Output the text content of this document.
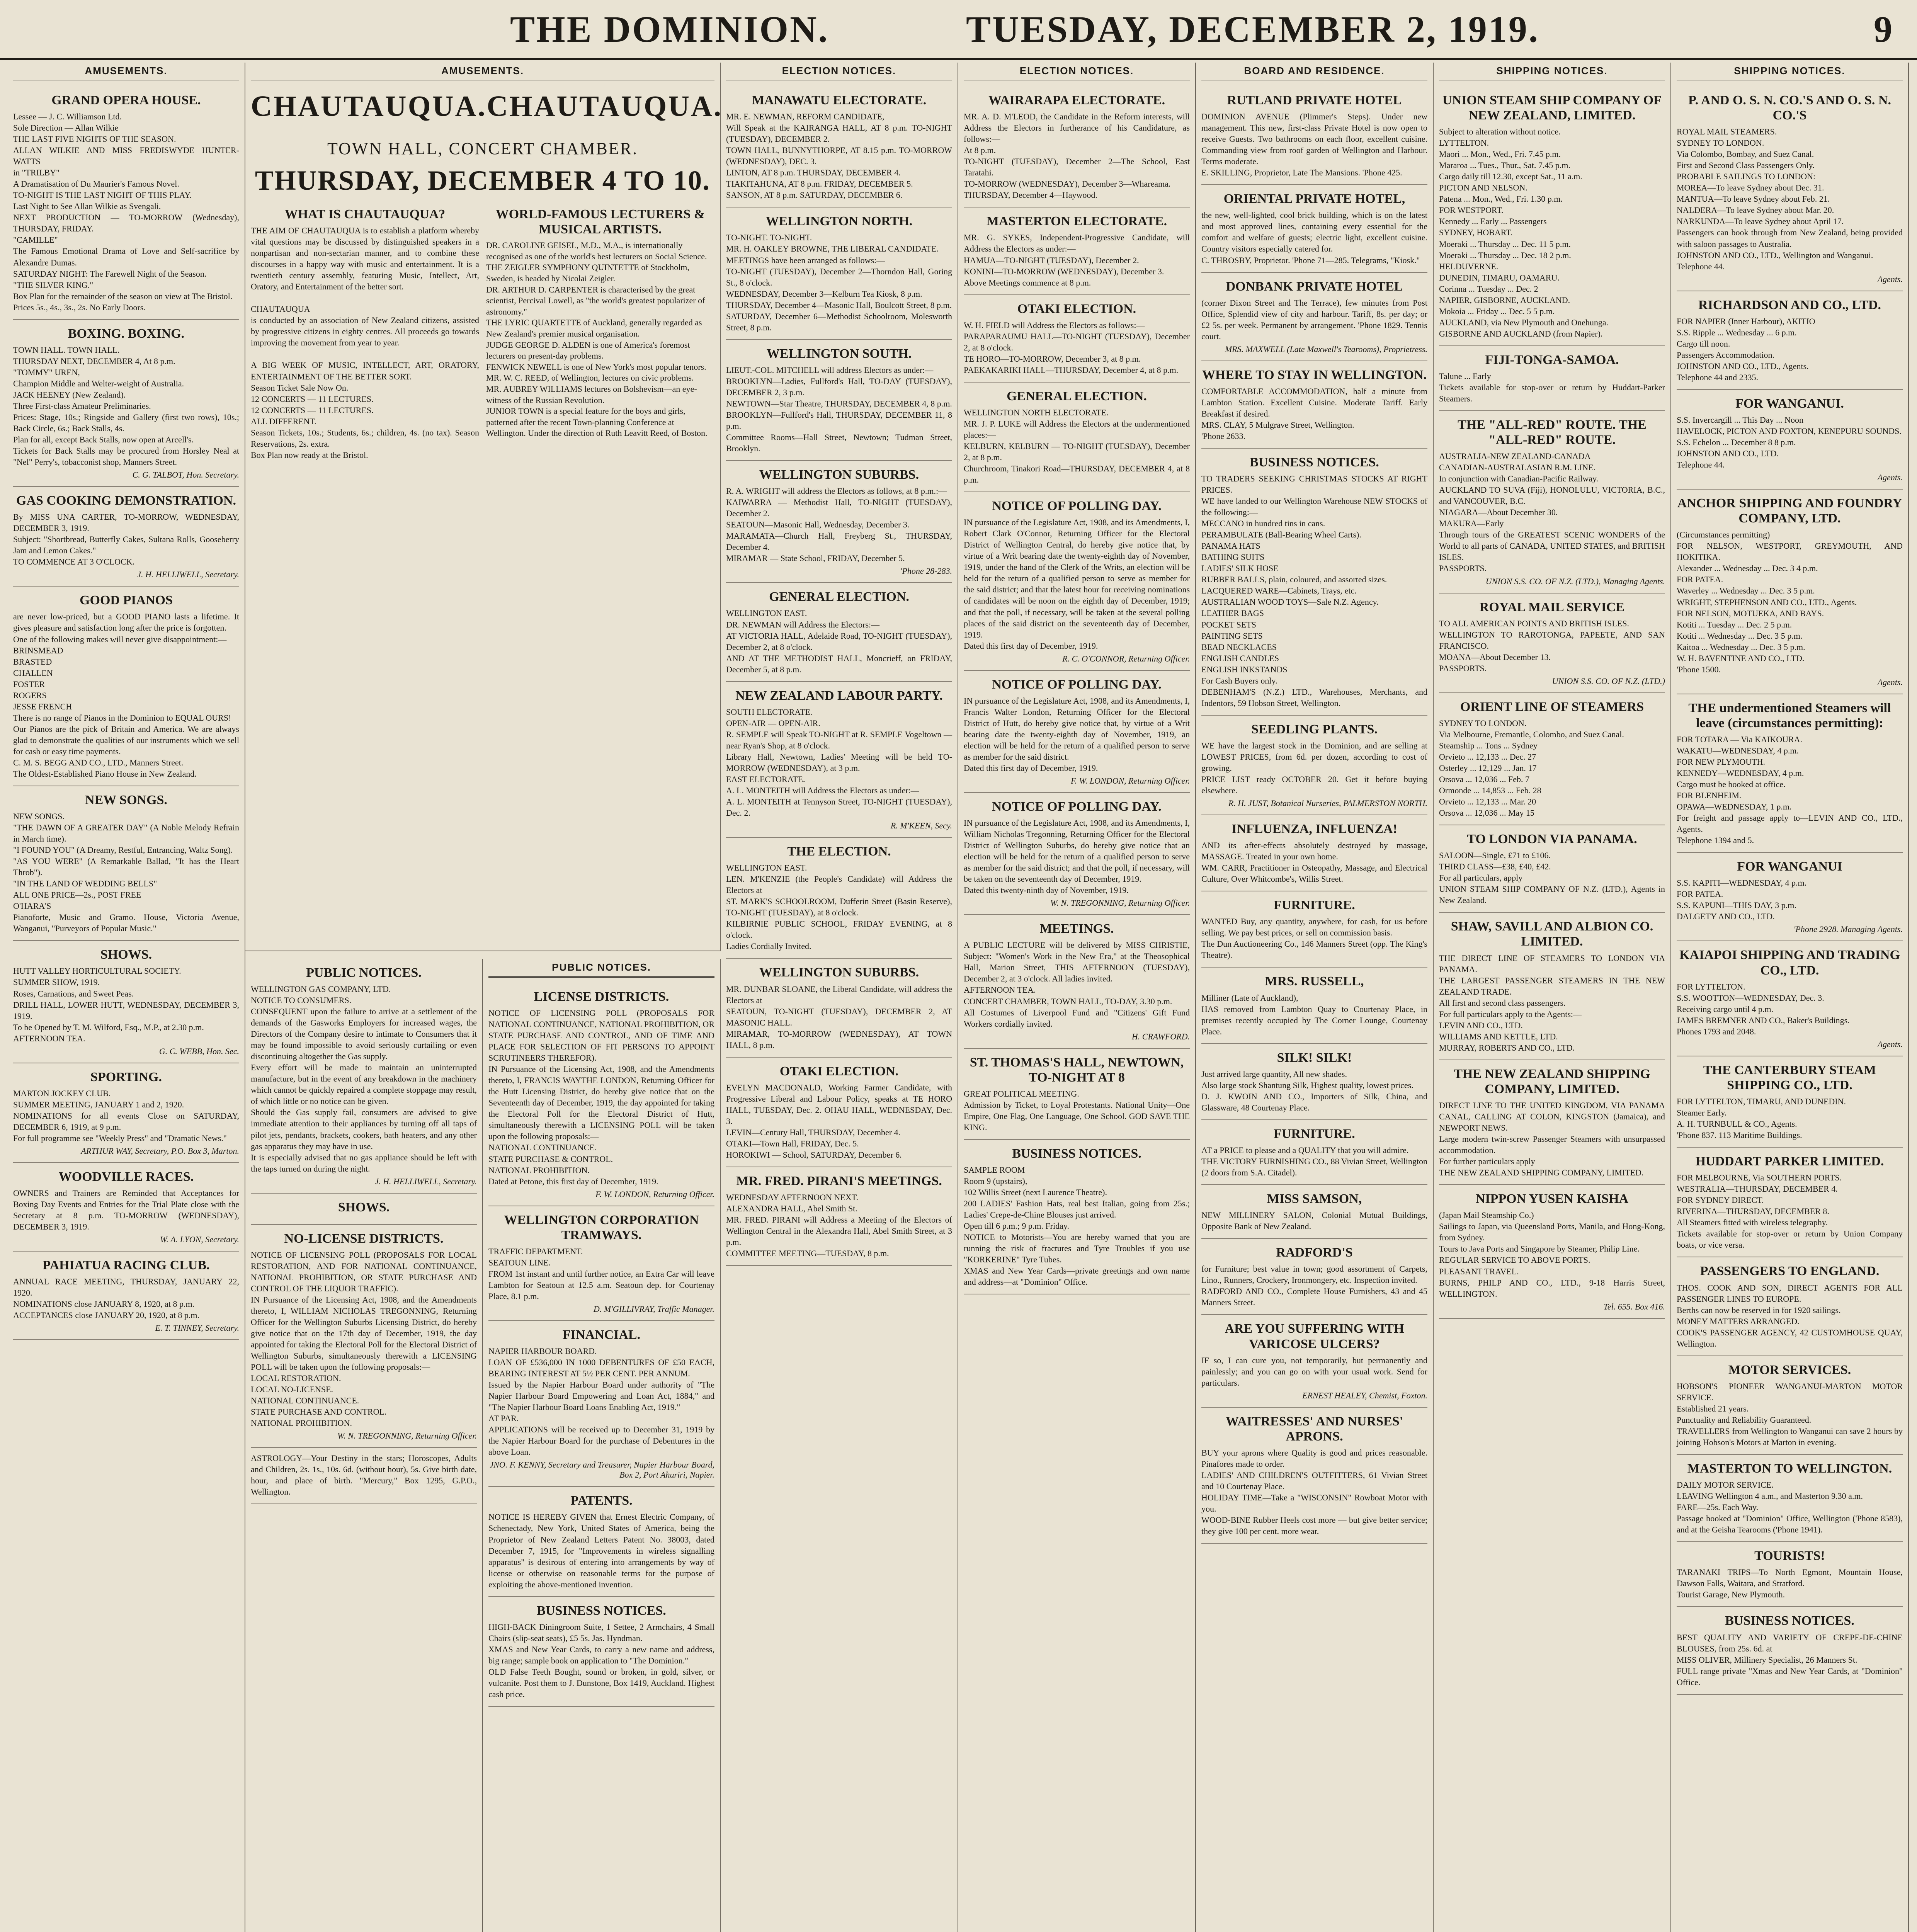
THE DOMINION.	TUESDAY, DECEMBER 2, 1919.	9
AMUSEMENTS.
GRAND OPERA HOUSE.
Lessee — J. C. Williamson Ltd.
Sole Direction — Allan Wilkie
THE LAST FIVE NIGHTS OF THE SEASON.
ALLAN WILKIE AND MISS FREDISWYDE HUNTER-WATTS
in "TRILBY"
A Dramatisation of Du Maurier's Famous Novel.
TO-NIGHT IS THE LAST NIGHT OF THIS PLAY.
Last Night to See Allan Wilkie as Svengali.
NEXT PRODUCTION — TO-MORROW (Wednesday), THURSDAY, FRIDAY.
"CAMILLE"
The Famous Emotional Drama of Love and Self-sacrifice by Alexandre Dumas.
SATURDAY NIGHT: The Farewell Night of the Season.
"THE SILVER KING."
Box Plan for the remainder of the season on view at The Bristol.
Prices 5s., 4s., 3s., 2s. No Early Doors.
BOXING. BOXING.
TOWN HALL. TOWN HALL.
THURSDAY NEXT, DECEMBER 4, At 8 p.m.
"TOMMY" UREN,
Champion Middle and Welter-weight of Australia.
JACK HEENEY (New Zealand).
Three First-class Amateur Preliminaries.
Prices: Stage, 10s.; Ringside and Gallery (first two rows), 10s.; Back Circle, 6s.; Back Stalls, 4s.
Plan for all, except Back Stalls, now open at Arcell's.
Tickets for Back Stalls may be procured from Horsley Neal at "Nel" Perry's, tobacconist shop, Manners Street.
C. G. TALBOT, Hon. Secretary.
GAS COOKING DEMONSTRATION.
By MISS UNA CARTER, TO-MORROW, WEDNESDAY, DECEMBER 3, 1919.
Subject: "Shortbread, Butterfly Cakes, Sultana Rolls, Gooseberry Jam and Lemon Cakes."
TO COMMENCE AT 3 O'CLOCK.
J. H. HELLIWELL, Secretary.
GOOD PIANOS
are never low-priced, but a GOOD PIANO lasts a lifetime. It gives pleasure and satisfaction long after the price is forgotten.
One of the following makes will never give disappointment:—
BRINSMEAD
BRASTED
CHALLEN
FOSTER
ROGERS
JESSE FRENCH
There is no range of Pianos in the Dominion to EQUAL OURS!
Our Pianos are the pick of Britain and America. We are always glad to demonstrate the qualities of our instruments which we sell for cash or easy time payments.
C. M. S. BEGG AND CO., LTD., Manners Street.
The Oldest-Established Piano House in New Zealand.
NEW SONGS.
NEW SONGS.
"THE DAWN OF A GREATER DAY" (A Noble Melody Refrain in March time).
"I FOUND YOU" (A Dreamy, Restful, Entrancing, Waltz Song).
"AS YOU WERE" (A Remarkable Ballad, "It has the Heart Throb").
"IN THE LAND OF WEDDING BELLS"
ALL ONE PRICE—2s., POST FREE
O'HARA'S
Pianoforte, Music and Gramo. House, Victoria Avenue, Wanganui, "Purveyors of Popular Music."
SHOWS.
HUTT VALLEY HORTICULTURAL SOCIETY.
SUMMER SHOW, 1919.
Roses, Carnations, and Sweet Peas.
DRILL HALL, LOWER HUTT, WEDNESDAY, DECEMBER 3, 1919.
To be Opened by T. M. Wilford, Esq., M.P., at 2.30 p.m.
AFTERNOON TEA.
G. C. WEBB, Hon. Sec.
SPORTING.
MARTON JOCKEY CLUB.
SUMMER MEETING, JANUARY 1 and 2, 1920.
NOMINATIONS for all events Close on SATURDAY, DECEMBER 6, 1919, at 9 p.m.
For full programme see "Weekly Press" and "Dramatic News."
ARTHUR WAY, Secretary, P.O. Box 3, Marton.
WOODVILLE RACES.
OWNERS and Trainers are Reminded that Acceptances for Boxing Day Events and Entries for the Trial Plate close with the Secretary at 8 p.m. TO-MORROW (WEDNESDAY), DECEMBER 3, 1919.
W. A. LYON, Secretary.
PAHIATUA RACING CLUB.
ANNUAL RACE MEETING, THURSDAY, JANUARY 22, 1920.
NOMINATIONS close JANUARY 8, 1920, at 8 p.m.
ACCEPTANCES close JANUARY 20, 1920, at 8 p.m.
E. T. TINNEY, Secretary.
AMUSEMENTS.
CHAUTAUQUA. CHAUTAUQUA.
TOWN HALL, CONCERT CHAMBER.
THURSDAY, DECEMBER 4 TO 10.
WHAT IS CHAUTAUQUA?
THE AIM OF CHAUTAUQUA is to establish a platform whereby vital questions may be discussed by distinguished speakers in a nonpartisan and non-sectarian manner, and to combine these discourses in a happy way with music and entertainment. It is a twentieth century assembly, featuring Music, Intellect, Art, Oratory, and Entertainment of the better sort.

CHAUTAUQUA
is conducted by an association of New Zealand citizens, assisted by progressive citizens in eighty centres. All proceeds go towards improving the movement from year to year.

A BIG WEEK OF MUSIC, INTELLECT, ART, ORATORY, ENTERTAINMENT OF THE BETTER SORT.
Season Ticket Sale Now On.
12 CONCERTS — 11 LECTURES.
12 CONCERTS — 11 LECTURES.
ALL DIFFERENT.
Season Tickets, 10s.; Students, 6s.; children, 4s. (no tax). Season Reservations, 2s. extra.
Box Plan now ready at the Bristol.
WORLD-FAMOUS LECTURERS & MUSICAL ARTISTS.
DR. CAROLINE GEISEL, M.D., M.A., is internationally recognised as one of the world's best lecturers on Social Science.
THE ZEIGLER SYMPHONY QUINTETTE of Stockholm, Sweden, is headed by Nicolai Zeigler.
DR. ARTHUR D. CARPENTER is characterised by the great scientist, Percival Lowell, as "the world's greatest popularizer of astronomy."
THE LYRIC QUARTETTE of Auckland, generally regarded as New Zealand's premier musical organisation.
JUDGE GEORGE D. ALDEN is one of America's foremost lecturers on present-day problems.
FENWICK NEWELL is one of New York's most popular tenors.
MR. W. C. REED, of Wellington, lectures on civic problems.
MR. AUBREY WILLIAMS lectures on Bolshevism—an eye-witness of the Russian Revolution.
JUNIOR TOWN is a special feature for the boys and girls, patterned after the recent Town-planning Conference at Wellington. Under the direction of Ruth Leavitt Reed, of Boston.
PUBLIC NOTICES.
WELLINGTON GAS COMPANY, LTD.
NOTICE TO CONSUMERS.
CONSEQUENT upon the failure to arrive at a settlement of the demands of the Gasworks Employers for increased wages, the Directors of the Company desire to intimate to Consumers that it may be found impossible to avoid seriously curtailing or even discontinuing altogether the Gas supply.
Every effort will be made to maintain an uninterrupted manufacture, but in the event of any breakdown in the machinery which cannot be quickly repaired a complete stoppage may result, of which little or no notice can be given.
Should the Gas supply fail, consumers are advised to give immediate attention to their appliances by turning off all taps of pilot jets, pendants, brackets, cookers, bath heaters, and any other gas apparatus they may have in use.
It is especially advised that no gas appliance should be left with the taps turned on during the night.
J. H. HELLIWELL, Secretary.
SHOWS.
NO-LICENSE DISTRICTS.
NOTICE OF LICENSING POLL (PROPOSALS FOR LOCAL RESTORATION, AND FOR NATIONAL CONTINUANCE, NATIONAL PROHIBITION, OR STATE PURCHASE AND CONTROL OF THE LIQUOR TRAFFIC).
IN Pursuance of the Licensing Act, 1908, and the Amendments thereto, I, WILLIAM NICHOLAS TREGONNING, Returning Officer for the Wellington Suburbs Licensing District, do hereby give notice that on the 17th day of December, 1919, the day appointed for taking the Electoral Poll for the Electoral District of Wellington Suburbs, simultaneously therewith a LICENSING POLL will be taken upon the following proposals:—
LOCAL RESTORATION.
LOCAL NO-LICENSE.
NATIONAL CONTINUANCE.
STATE PURCHASE AND CONTROL.
NATIONAL PROHIBITION.
W. N. TREGONNING, Returning Officer.
ASTROLOGY—Your Destiny in the stars; Horoscopes, Adults and Children, 2s. 1s., 10s. 6d. (without hour), 5s. Give birth date, hour, and place of birth. "Mercury," Box 1295, G.P.O., Wellington.
PUBLIC NOTICES.
LICENSE DISTRICTS.
NOTICE OF LICENSING POLL (PROPOSALS FOR NATIONAL CONTINUANCE, NATIONAL PROHIBITION, OR STATE PURCHASE AND CONTROL, AND OF TIME AND PLACE FOR SELECTION OF FIT PERSONS TO APPOINT SCRUTINEERS THEREFOR).
IN Pursuance of the Licensing Act, 1908, and the Amendments thereto, I, FRANCIS WAYTHE LONDON, Returning Officer for the Hutt Licensing District, do hereby give notice that on the Seventeenth day of December, 1919, the day appointed for taking the Electoral Poll for the Electoral District of Hutt, simultaneously therewith a LICENSING POLL will be taken upon the following proposals:—
NATIONAL CONTINUANCE.
STATE PURCHASE & CONTROL.
NATIONAL PROHIBITION.
Dated at Petone, this first day of December, 1919.
F. W. LONDON, Returning Officer.
WELLINGTON CORPORATION TRAMWAYS.
TRAFFIC DEPARTMENT.
SEATOUN LINE.
FROM 1st instant and until further notice, an Extra Car will leave Lambton for Seatoun at 12.5 a.m. Seatoun dep. for Courtenay Place, 8.1 p.m.
D. M'GILLIVRAY, Traffic Manager.
FINANCIAL.
NAPIER HARBOUR BOARD.
LOAN OF £536,000 IN 1000 DEBENTURES OF £50 EACH, BEARING INTEREST AT 5½ PER CENT. PER ANNUM.
Issued by the Napier Harbour Board under authority of "The Napier Harbour Board Empowering and Loan Act, 1884," and "The Napier Harbour Board Loans Enabling Act, 1919."
AT PAR.
APPLICATIONS will be received up to December 31, 1919 by the Napier Harbour Board for the purchase of Debentures in the above Loan.
JNO. F. KENNY, Secretary and Treasurer, Napier Harbour Board, Box 2, Port Ahuriri, Napier.
PATENTS.
NOTICE IS HEREBY GIVEN that Ernest Electric Company, of Schenectady, New York, United States of America, being the Proprietor of New Zealand Letters Patent No. 38003, dated December 7, 1915, for "Improvements in wireless signalling apparatus" is desirous of entering into arrangements by way of license or otherwise on reasonable terms for the purpose of exploiting the above-mentioned invention.
BUSINESS NOTICES.
HIGH-BACK Diningroom Suite, 1 Settee, 2 Armchairs, 4 Small Chairs (slip-seat seats), £5 5s. Jas. Hyndman.
XMAS and New Year Cards, to carry a new name and address, big range; sample book on application to "The Dominion."
OLD False Teeth Bought, sound or broken, in gold, silver, or vulcanite. Post them to J. Dunstone, Box 1419, Auckland. Highest cash price.
ELECTION NOTICES.
MANAWATU ELECTORATE.
MR. E. NEWMAN, REFORM CANDIDATE,
Will Speak at the KAIRANGA HALL, AT 8 p.m. TO-NIGHT (TUESDAY), DECEMBER 2.
TOWN HALL, BUNNYTHORPE, AT 8.15 p.m. TO-MORROW (WEDNESDAY), DEC. 3.
LINTON, AT 8 p.m. THURSDAY, DECEMBER 4.
TIAKITAHUNA, AT 8 p.m. FRIDAY, DECEMBER 5.
SANSON, AT 8 p.m. SATURDAY, DECEMBER 6.
WELLINGTON NORTH.
TO-NIGHT. TO-NIGHT.
MR. H. OAKLEY BROWNE, THE LIBERAL CANDIDATE.
MEETINGS have been arranged as follows:—
TO-NIGHT (TUESDAY), December 2—Thorndon Hall, Goring St., 8 o'clock.
WEDNESDAY, December 3—Kelburn Tea Kiosk, 8 p.m.
THURSDAY, December 4—Masonic Hall, Boulcott Street, 8 p.m.
SATURDAY, December 6—Methodist Schoolroom, Molesworth Street, 8 p.m.
WELLINGTON SOUTH.
LIEUT.-COL. MITCHELL will address Electors as under:—
BROOKLYN—Ladies, Fullford's Hall, TO-DAY (TUESDAY), DECEMBER 2, 3 p.m.
NEWTOWN—Star Theatre, THURSDAY, DECEMBER 4, 8 p.m.
BROOKLYN—Fullford's Hall, THURSDAY, DECEMBER 11, 8 p.m.
Committee Rooms—Hall Street, Newtown; Tudman Street, Brooklyn.
WELLINGTON SUBURBS.
R. A. WRIGHT will address the Electors as follows, at 8 p.m.:—
KAIWARRA — Methodist Hall, TO-NIGHT (TUESDAY), December 2.
SEATOUN—Masonic Hall, Wednesday, December 3.
MARAMATA—Church Hall, Freyberg St., THURSDAY, December 4.
MIRAMAR — State School, FRIDAY, December 5.
'Phone 28-283.
GENERAL ELECTION.
WELLINGTON EAST.
DR. NEWMAN will Address the Electors:—
AT VICTORIA HALL, Adelaide Road, TO-NIGHT (TUESDAY), December 2, at 8 o'clock.
AND AT THE METHODIST HALL, Moncrieff, on FRIDAY, December 5, at 8 p.m.
NEW ZEALAND LABOUR PARTY.
SOUTH ELECTORATE.
OPEN-AIR — OPEN-AIR.
R. SEMPLE will Speak TO-NIGHT at R. SEMPLE Vogeltown — near Ryan's Shop, at 8 o'clock.
Library Hall, Newtown, Ladies' Meeting will be held TO-MORROW (WEDNESDAY), at 3 p.m.
EAST ELECTORATE.
A. L. MONTEITH will Address the Electors as under:—
A. L. MONTEITH at Tennyson Street, TO-NIGHT (TUESDAY), Dec. 2.
R. M'KEEN, Secy.
THE ELECTION.
WELLINGTON EAST.
LEN. M'KENZIE (the People's Candidate) will Address the Electors at
ST. MARK'S SCHOOLROOM, Dufferin Street (Basin Reserve), TO-NIGHT (TUESDAY), at 8 o'clock.
KILBIRNIE PUBLIC SCHOOL, FRIDAY EVENING, at 8 o'clock.
Ladies Cordially Invited.
WELLINGTON SUBURBS.
MR. DUNBAR SLOANE, the Liberal Candidate, will address the Electors at
SEATOUN, TO-NIGHT (TUESDAY), DECEMBER 2, AT MASONIC HALL.
MIRAMAR, TO-MORROW (WEDNESDAY), AT TOWN HALL, 8 p.m.
OTAKI ELECTION.
EVELYN MACDONALD, Working Farmer Candidate, with Progressive Liberal and Labour Policy, speaks at TE HORO HALL, TUESDAY, Dec. 2. OHAU HALL, WEDNESDAY, Dec. 3.
LEVIN—Century Hall, THURSDAY, December 4.
OTAKI—Town Hall, FRIDAY, Dec. 5.
HOROKIWI — School, SATURDAY, December 6.
MR. FRED. PIRANI'S MEETINGS.
WEDNESDAY AFTERNOON NEXT.
ALEXANDRA HALL, Abel Smith St.
MR. FRED. PIRANI will Address a Meeting of the Electors of Wellington Central in the Alexandra Hall, Abel Smith Street, at 3 p.m.
COMMITTEE MEETING—TUESDAY, 8 p.m.
ELECTION NOTICES.
WAIRARAPA ELECTORATE.
MR. A. D. M'LEOD, the Candidate in the Reform interests, will Address the Electors in furtherance of his Candidature, as follows:—
At 8 p.m.
TO-NIGHT (TUESDAY), December 2—The School, East Taratahi.
TO-MORROW (WEDNESDAY), December 3—Whareama.
THURSDAY, December 4—Haywood.
MASTERTON ELECTORATE.
MR. G. SYKES, Independent-Progressive Candidate, will Address the Electors as under:—
HAMUA—TO-NIGHT (TUESDAY), December 2.
KONINI—TO-MORROW (WEDNESDAY), December 3.
Above Meetings commence at 8 p.m.
OTAKI ELECTION.
W. H. FIELD will Address the Electors as follows:—
PARAPARAUMU HALL—TO-NIGHT (TUESDAY), December 2, at 8 o'clock.
TE HORO—TO-MORROW, December 3, at 8 p.m.
PAEKAKARIKI HALL—THURSDAY, December 4, at 8 p.m.
GENERAL ELECTION.
WELLINGTON NORTH ELECTORATE.
MR. J. P. LUKE will Address the Electors at the undermentioned places:—
KELBURN, KELBURN — TO-NIGHT (TUESDAY), December 2, at 8 p.m.
Churchroom, Tinakori Road—THURSDAY, DECEMBER 4, at 8 p.m.
NOTICE OF POLLING DAY.
IN pursuance of the Legislature Act, 1908, and its Amendments, I, Robert Clark O'Connor, Returning Officer for the Electoral District of Wellington Central, do hereby give notice that, by virtue of a Writ bearing date the twenty-eighth day of November, 1919, under the hand of the Clerk of the Writs, an election will be held for the return of a qualified person to serve as member for the said district; and that the latest hour for receiving nominations of candidates will be noon on the eighth day of December, 1919; and that the poll, if necessary, will be taken at the several polling places of the said district on the seventeenth day of December, 1919.
Dated this first day of December, 1919.
R. C. O'CONNOR, Returning Officer.
NOTICE OF POLLING DAY.
IN pursuance of the Legislature Act, 1908, and its Amendments, I, Francis Walter London, Returning Officer for the Electoral District of Hutt, do hereby give notice that, by virtue of a Writ bearing date the twenty-eighth day of November, 1919, an election will be held for the return of a qualified person to serve as member for the said district.
Dated this first day of December, 1919.
F. W. LONDON, Returning Officer.
NOTICE OF POLLING DAY.
IN pursuance of the Legislature Act, 1908, and its Amendments, I, William Nicholas Tregonning, Returning Officer for the Electoral District of Wellington Suburbs, do hereby give notice that an election will be held for the return of a qualified person to serve as member for the said district; and that the poll, if necessary, will be taken on the seventeenth day of December, 1919.
Dated this twenty-ninth day of November, 1919.
W. N. TREGONNING, Returning Officer.
MEETINGS.
A PUBLIC LECTURE will be delivered by MISS CHRISTIE, Subject: "Women's Work in the New Era," at the Theosophical Hall, Marion Street, THIS AFTERNOON (TUESDAY), December 2, at 3 o'clock. All ladies invited.
AFTERNOON TEA.
CONCERT CHAMBER, TOWN HALL, TO-DAY, 3.30 p.m.
All Costumes of Liverpool Fund and "Citizens' Gift Fund Workers cordially invited.
H. CRAWFORD.
ST. THOMAS'S HALL, NEWTOWN, TO-NIGHT AT 8
GREAT POLITICAL MEETING.
Admission by Ticket, to Loyal Protestants. National Unity—One Empire, One Flag, One Language, One School. GOD SAVE THE KING.
BUSINESS NOTICES.
SAMPLE ROOM
Room 9 (upstairs),
102 Willis Street (next Laurence Theatre).
200 LADIES' Fashion Hats, real best Italian, going from 25s.; Ladies' Crepe-de-Chine Blouses just arrived.
Open till 6 p.m.; 9 p.m. Friday.
NOTICE to Motorists—You are hereby warned that you are running the risk of fractures and Tyre Troubles if you use "KORKERINE" Tyre Tubes.
XMAS and New Year Cards—private greetings and own name and address—at "Dominion" Office.
BOARD AND RESIDENCE.
RUTLAND PRIVATE HOTEL
DOMINION AVENUE (Plimmer's Steps). Under new management. This new, first-class Private Hotel is now open to receive Guests. Two bathrooms on each floor, excellent cuisine. Commanding view from roof garden of Wellington and Harbour. Terms moderate.
E. SKILLING, Proprietor, Late The Mansions. 'Phone 425.
ORIENTAL PRIVATE HOTEL,
the new, well-lighted, cool brick building, which is on the latest and most approved lines, containing every essential for the comfort and welfare of guests; electric light, excellent cuisine. Country visitors especially catered for.
C. THROSBY, Proprietor. 'Phone 71—285. Telegrams, "Kiosk."
DONBANK PRIVATE HOTEL
(corner Dixon Street and The Terrace), few minutes from Post Office, Splendid view of city and harbour. Tariff, 8s. per day; or £2 5s. per week. Permanent by arrangement. 'Phone 1829. Tennis court.
MRS. MAXWELL (Late Maxwell's Tearooms), Proprietress.
WHERE TO STAY IN WELLINGTON.
COMFORTABLE ACCOMMODATION, half a minute from Lambton Station. Excellent Cuisine. Moderate Tariff. Early Breakfast if desired.
MRS. CLAY, 5 Mulgrave Street, Wellington.
'Phone 2633.
BUSINESS NOTICES.
TO TRADERS SEEKING CHRISTMAS STOCKS AT RIGHT PRICES.
WE have landed to our Wellington Warehouse NEW STOCKS of the following:—
MECCANO in hundred tins in cans.
PERAMBULATE (Ball-Bearing Wheel Carts).
PANAMA HATS
BATHING SUITS
LADIES' SILK HOSE
RUBBER BALLS, plain, coloured, and assorted sizes.
LACQUERED WARE—Cabinets, Trays, etc.
AUSTRALIAN WOOD TOYS—Sale N.Z. Agency.
LEATHER BAGS
POCKET SETS
PAINTING SETS
BEAD NECKLACES
ENGLISH CANDLES
ENGLISH INKSTANDS
For Cash Buyers only.
DEBENHAM'S (N.Z.) LTD., Warehouses, Merchants, and Indentors, 59 Hobson Street, Wellington.
SEEDLING PLANTS.
WE have the largest stock in the Dominion, and are selling at LOWEST PRICES, from 6d. per dozen, according to cost of growing.
PRICE LIST ready OCTOBER 20. Get it before buying elsewhere.
R. H. JUST, Botanical Nurseries, PALMERSTON NORTH.
INFLUENZA, INFLUENZA!
AND its after-effects absolutely destroyed by massage, MASSAGE. Treated in your own home.
WM. CARR, Practitioner in Osteopathy, Massage, and Electrical Culture, Over Whitcombe's, Willis Street.
FURNITURE.
WANTED Buy, any quantity, anywhere, for cash, for us before selling. We pay best prices, or sell on commission basis.
The Dun Auctioneering Co., 146 Manners Street (opp. The King's Theatre).
MRS. RUSSELL,
Milliner (Late of Auckland),
HAS removed from Lambton Quay to Courtenay Place, in premises recently occupied by The Corner Lounge, Courtenay Place.
SILK! SILK!
Just arrived large quantity, All new shades.
Also large stock Shantung Silk, Highest quality, lowest prices.
D. J. KWOIN AND CO., Importers of Silk, China, and Glassware, 48 Courtenay Place.
FURNITURE.
AT a PRICE to please and a QUALITY that you will admire.
THE VICTORY FURNISHING CO., 88 Vivian Street, Wellington (2 doors from S.A. Citadel).
MISS SAMSON,
NEW MILLINERY SALON, Colonial Mutual Buildings, Opposite Bank of New Zealand.
RADFORD'S
for Furniture; best value in town; good assortment of Carpets, Lino., Runners, Crockery, Ironmongery, etc. Inspection invited.
RADFORD AND CO., Complete House Furnishers, 43 and 45 Manners Street.
ARE YOU SUFFERING WITH VARICOSE ULCERS?
IF so, I can cure you, not temporarily, but permanently and painlessly; and you can go on with your usual work. Send for particulars.
ERNEST HEALEY, Chemist, Foxton.
WAITRESSES' AND NURSES' APRONS.
BUY your aprons where Quality is good and prices reasonable. Pinafores made to order.
LADIES' AND CHILDREN'S OUTFITTERS, 61 Vivian Street and 10 Courtenay Place.
HOLIDAY TIME—Take a "WISCONSIN" Rowboat Motor with you.
WOOD-BINE Rubber Heels cost more — but give better service; they give 100 per cent. more wear.
SHIPPING NOTICES.
UNION STEAM SHIP COMPANY OF NEW ZEALAND, LIMITED.
Subject to alteration without notice.
LYTTELTON.
Maori ... Mon., Wed., Fri. 7.45 p.m.
Mararoa ... Tues., Thur., Sat. 7.45 p.m.
Cargo daily till 12.30, except Sat., 11 a.m.
PICTON AND NELSON.
Patena ... Mon., Wed., Fri. 1.30 p.m.
FOR WESTPORT.
Kennedy ... Early ... Passengers
SYDNEY, HOBART.
Moeraki ... Thursday ... Dec. 11 5 p.m.
Moeraki ... Thursday ... Dec. 18 2 p.m.
HELDUVERNE.
DUNEDIN, TIMARU, OAMARU.
Corinna ... Tuesday ... Dec. 2
NAPIER, GISBORNE, AUCKLAND.
Mokoia ... Friday ... Dec. 5 5 p.m.
AUCKLAND, via New Plymouth and Onehunga.
GISBORNE AND AUCKLAND (from Napier).
FIJI-TONGA-SAMOA.
Talune ... Early
Tickets available for stop-over or return by Huddart-Parker Steamers.
THE "ALL-RED" ROUTE. THE "ALL-RED" ROUTE.
AUSTRALIA-NEW ZEALAND-CANADA
CANADIAN-AUSTRALASIAN R.M. LINE.
In conjunction with Canadian-Pacific Railway.
AUCKLAND TO SUVA (Fiji), HONOLULU, VICTORIA, B.C., and VANCOUVER, B.C.
NIAGARA—About December 30.
MAKURA—Early
Through tours of the GREATEST SCENIC WONDERS of the World to all parts of CANADA, UNITED STATES, and BRITISH ISLES.
PASSPORTS.
UNION S.S. CO. OF N.Z. (LTD.), Managing Agents.
ROYAL MAIL SERVICE
TO ALL AMERICAN POINTS AND BRITISH ISLES.
WELLINGTON TO RAROTONGA, PAPEETE, AND SAN FRANCISCO.
MOANA—About December 13.
PASSPORTS.
UNION S.S. CO. OF N.Z. (LTD.)
ORIENT LINE OF STEAMERS
SYDNEY TO LONDON.
Via Melbourne, Fremantle, Colombo, and Suez Canal.
Steamship ... Tons ... Sydney
Orvieto ... 12,133 ... Dec. 27
Osterley ... 12,129 ... Jan. 17
Orsova ... 12,036 ... Feb. 7
Ormonde ... 14,853 ... Feb. 28
Orvieto ... 12,133 ... Mar. 20
Orsova ... 12,036 ... May 15
TO LONDON VIA PANAMA.
SALOON—Single, £71 to £106.
THIRD CLASS—£38, £40, £42.
For all particulars, apply
UNION STEAM SHIP COMPANY OF N.Z. (LTD.), Agents in New Zealand.
SHAW, SAVILL AND ALBION CO. LIMITED.
THE DIRECT LINE OF STEAMERS TO LONDON VIA PANAMA.
THE LARGEST PASSENGER STEAMERS IN THE NEW ZEALAND TRADE.
All first and second class passengers.
For full particulars apply to the Agents:—
LEVIN AND CO., LTD.
WILLIAMS AND KETTLE, LTD.
MURRAY, ROBERTS AND CO., LTD.
THE NEW ZEALAND SHIPPING COMPANY, LIMITED.
DIRECT LINE TO THE UNITED KINGDOM, VIA PANAMA CANAL, CALLING AT COLON, KINGSTON (Jamaica), and NEWPORT NEWS.
Large modern twin-screw Passenger Steamers with unsurpassed accommodation.
For further particulars apply
THE NEW ZEALAND SHIPPING COMPANY, LIMITED.
NIPPON YUSEN KAISHA
(Japan Mail Steamship Co.)
Sailings to Japan, via Queensland Ports, Manila, and Hong-Kong, from Sydney.
Tours to Java Ports and Singapore by Steamer, Philip Line.
REGULAR SERVICE TO ABOVE PORTS.
PLEASANT TRAVEL.
BURNS, PHILP AND CO., LTD., 9-18 Harris Street, WELLINGTON.
Tel. 655. Box 416.
SHIPPING NOTICES.
P. AND O. S. N. CO.'S AND O. S. N. CO.'S
ROYAL MAIL STEAMERS.
SYDNEY TO LONDON.
Via Colombo, Bombay, and Suez Canal.
First and Second Class Passengers Only.
PROBABLE SAILINGS TO LONDON:
MOREA—To leave Sydney about Dec. 31.
MANTUA—To leave Sydney about Feb. 21.
NALDERA—To leave Sydney about Mar. 20.
NARKUNDA—To leave Sydney about April 17.
Passengers can book through from New Zealand, being provided with saloon passages to Australia.
JOHNSTON AND CO., LTD., Wellington and Wanganui.
Telephone 44.
Agents.
RICHARDSON AND CO., LTD.
FOR NAPIER (Inner Harbour), AKITIO
S.S. Ripple ... Wednesday ... 6 p.m.
Cargo till noon.
Passengers Accommodation.
JOHNSTON AND CO., LTD., Agents.
Telephone 44 and 2335.
FOR WANGANUI.
S.S. Invercargill ... This Day ... Noon
HAVELOCK, PICTON AND FOXTON, KENEPURU SOUNDS.
S.S. Echelon ... December 8 8 p.m.
JOHNSTON AND CO., LTD.
Telephone 44.
Agents.
ANCHOR SHIPPING AND FOUNDRY COMPANY, LTD.
(Circumstances permitting)
FOR NELSON, WESTPORT, GREYMOUTH, AND HOKITIKA.
Alexander ... Wednesday ... Dec. 3 4 p.m.
FOR PATEA.
Waverley ... Wednesday ... Dec. 3 5 p.m.
WRIGHT, STEPHENSON AND CO., LTD., Agents.
FOR NELSON, MOTUEKA, AND BAYS.
Kotiti ... Tuesday ... Dec. 2 5 p.m.
Kotiti ... Wednesday ... Dec. 3 5 p.m.
Kaitoa ... Wednesday ... Dec. 3 5 p.m.
W. H. BAVENTINE AND CO., LTD.
'Phone 1500.
Agents.
THE undermentioned Steamers will leave (circumstances permitting):
FOR TOTARA — Via KAIKOURA.
WAKATU—WEDNESDAY, 4 p.m.
FOR NEW PLYMOUTH.
KENNEDY—WEDNESDAY, 4 p.m.
Cargo must be booked at office.
FOR BLENHEIM.
OPAWA—WEDNESDAY, 1 p.m.
For freight and passage apply to—LEVIN AND CO., LTD., Agents.
Telephone 1394 and 5.
FOR WANGANUI
S.S. KAPITI—WEDNESDAY, 4 p.m.
FOR PATEA.
S.S. KAPUNI—THIS DAY, 3 p.m.
DALGETY AND CO., LTD.
'Phone 2928. Managing Agents.
KAIAPOI SHIPPING AND TRADING CO., LTD.
FOR LYTTELTON.
S.S. WOOTTON—WEDNESDAY, Dec. 3.
Receiving cargo until 4 p.m.
JAMES BREMNER AND CO., Baker's Buildings.
Phones 1793 and 2048.
Agents.
THE CANTERBURY STEAM SHIPPING CO., LTD.
FOR LYTTELTON, TIMARU, AND DUNEDIN.
Steamer Early.
A. H. TURNBULL & CO., Agents.
'Phone 837. 113 Maritime Buildings.
HUDDART PARKER LIMITED.
FOR MELBOURNE, Via SOUTHERN PORTS.
WESTRALIA—THURSDAY, DECEMBER 4.
FOR SYDNEY DIRECT.
RIVERINA—THURSDAY, DECEMBER 8.
All Steamers fitted with wireless telegraphy.
Tickets available for stop-over or return by Union Company boats, or vice versa.
PASSENGERS TO ENGLAND.
THOS. COOK AND SON, DIRECT AGENTS FOR ALL PASSENGER LINES TO EUROPE.
Berths can now be reserved in for 1920 sailings.
MONEY MATTERS ARRANGED.
COOK'S PASSENGER AGENCY, 42 CUSTOMHOUSE QUAY, Wellington.
MOTOR SERVICES.
HOBSON'S PIONEER WANGANUI-MARTON MOTOR SERVICE.
Established 21 years.
Punctuality and Reliability Guaranteed.
TRAVELLERS from Wellington to Wanganui can save 2 hours by joining Hobson's Motors at Marton in evening.
MASTERTON TO WELLINGTON.
DAILY MOTOR SERVICE.
LEAVING Wellington 4 a.m., and Masterton 9.30 a.m.
FARE—25s. Each Way.
Passage booked at "Dominion" Office, Wellington ('Phone 8583), and at the Geisha Tearooms ('Phone 1941).
TOURISTS!
TARANAKI TRIPS—To North Egmont, Mountain House, Dawson Falls, Waitara, and Stratford.
Tourist Garage, New Plymouth.
BUSINESS NOTICES.
BEST QUALITY AND VARIETY OF CREPE-DE-CHINE BLOUSES, from 25s. 6d. at
MISS OLIVER, Millinery Specialist, 26 Manners St.
FULL range private "Xmas and New Year Cards, at "Dominion" Office.
